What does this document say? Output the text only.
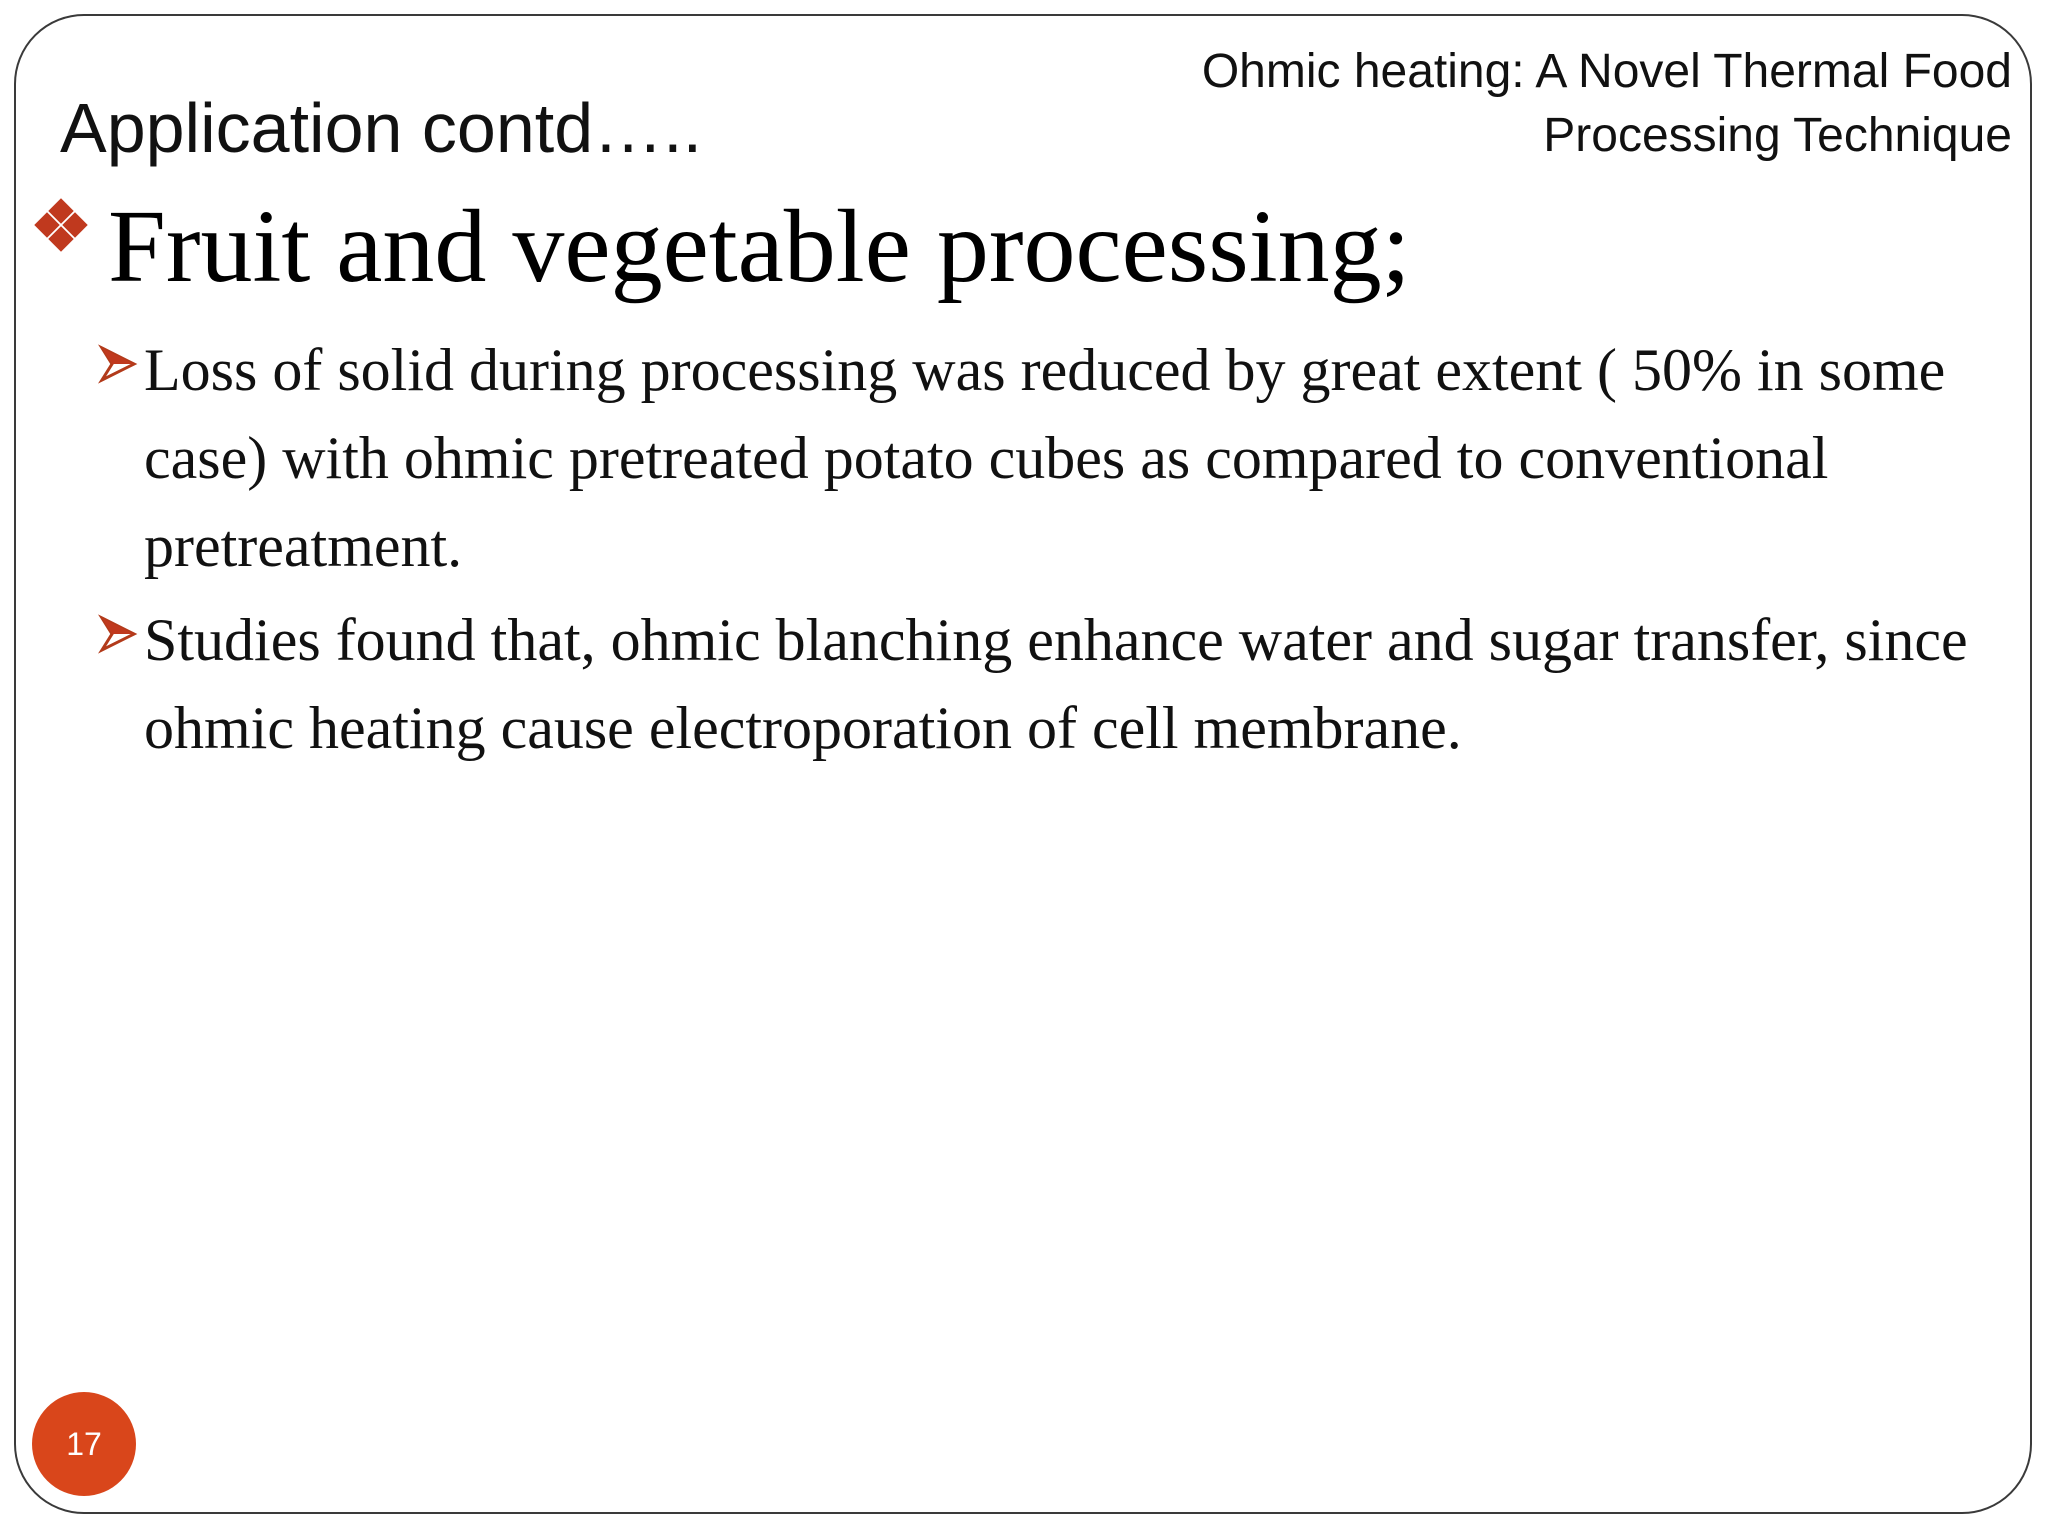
Ohmic heating: A Novel Thermal Food
Processing Technique
Application contd…..
Fruit and vegetable processing;
Loss of solid during processing was reduced by great extent ( 50% in some case) with ohmic pretreated potato cubes as compared to conventional pretreatment.
Studies found that, ohmic blanching enhance water and sugar transfer, since ohmic heating cause electroporation of cell membrane.
17
